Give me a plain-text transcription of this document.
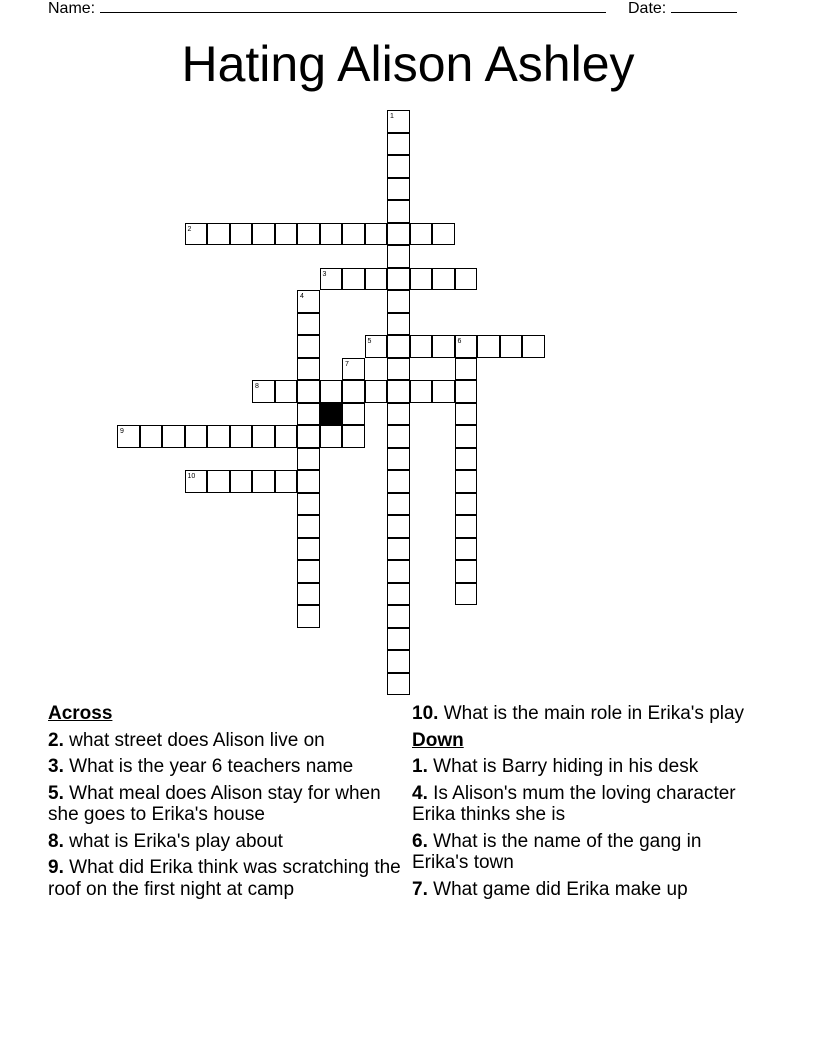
Name:	Date:
Hating Alison Ashley
2
3
5	6
8
9
10
1
4
7
Across
2. what street does Alison live on
3. What is the year 6 teachers name
5. What meal does Alison stay for when she goes to Erika's house
8. what is Erika's play about
9. What did Erika think was scratching the roof on the first night at camp
10. What is the main role in Erika's play
Down
1. What is Barry hiding in his desk
4. Is Alison's mum the loving character Erika thinks she is
6. What is the name of the gang in Erika's town
7. What game did Erika make up
